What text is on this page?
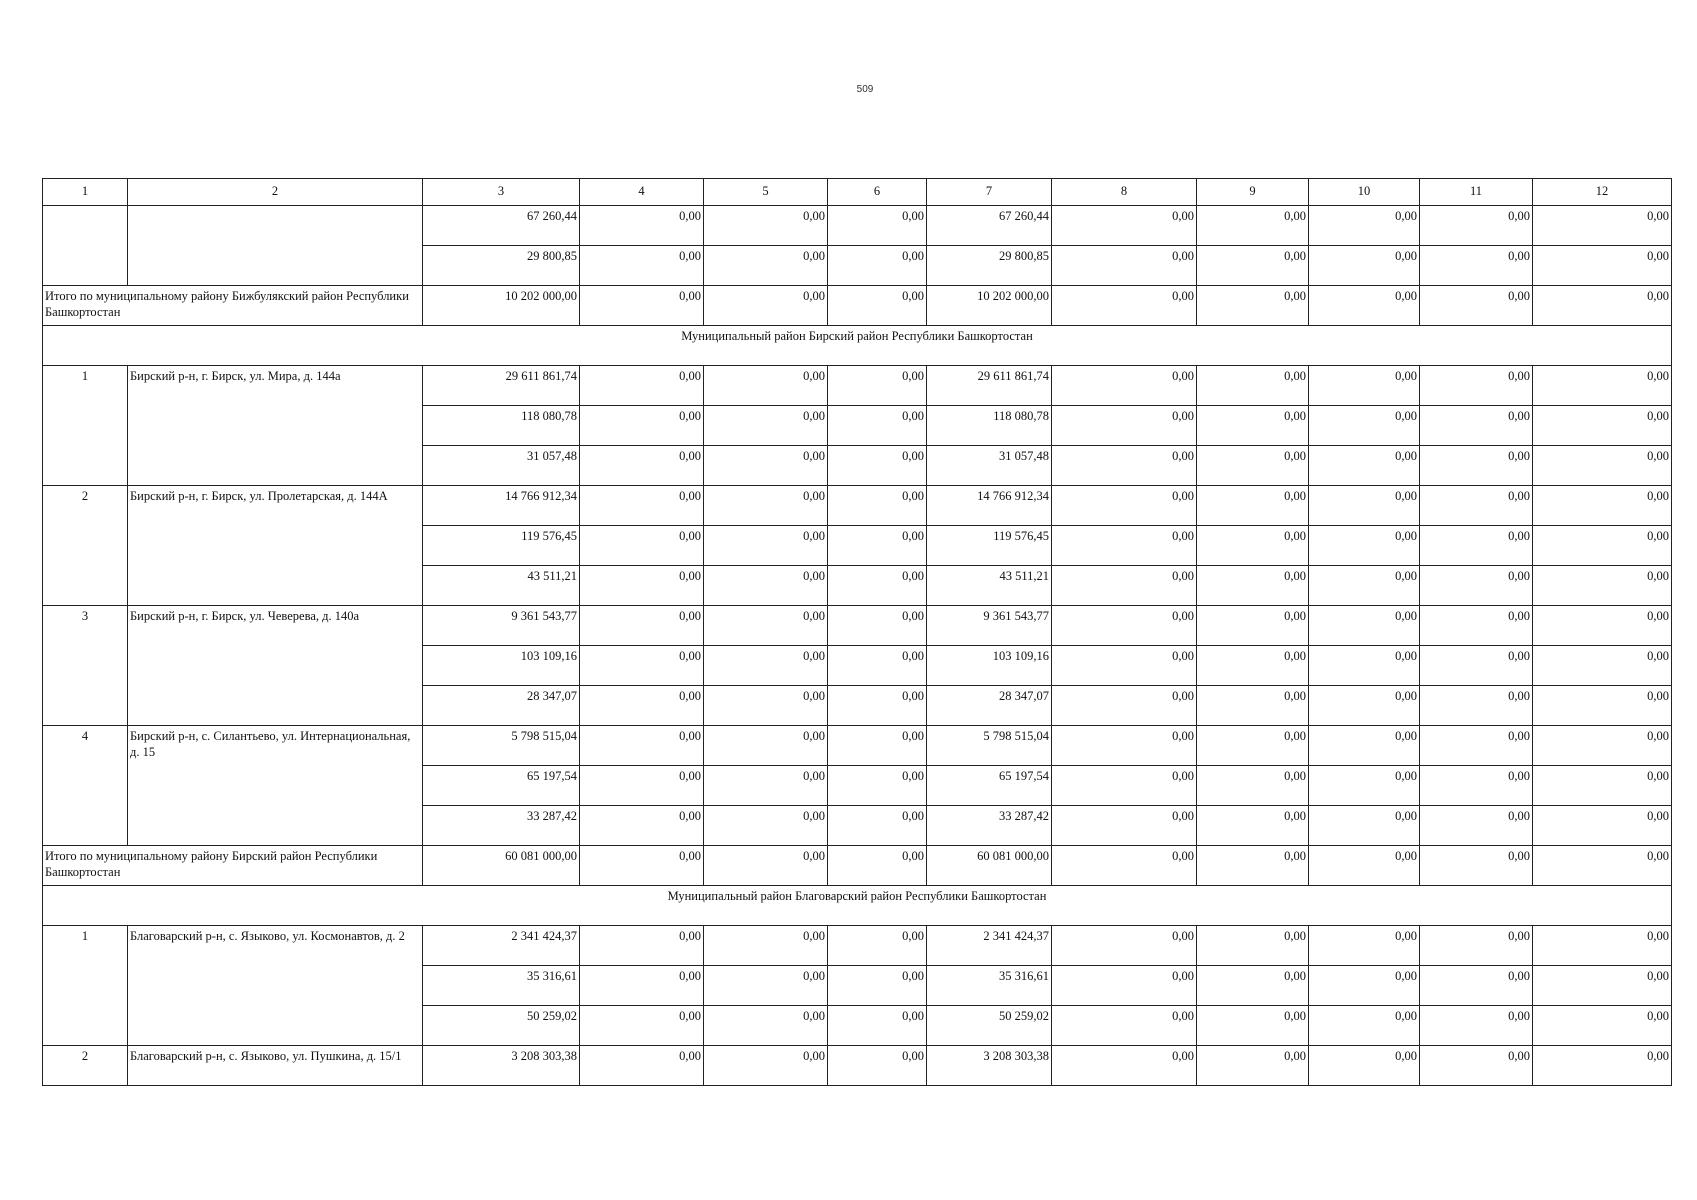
509
1	2	3	4	5	6	7	8	9	10	11	12
		67 260,44	0,00	0,00	0,00	67 260,44	0,00	0,00	0,00	0,00	0,00
		29 800,85	0,00	0,00	0,00	29 800,85	0,00	0,00	0,00	0,00	0,00
Итого по муниципальному району Бижбулякский район Республики Башкортостан		10 202 000,00	0,00	0,00	0,00	10 202 000,00	0,00	0,00	0,00	0,00	0,00
Муниципальный район Бирский район Республики Башкортостан											
1	Бирский р-н, г. Бирск, ул. Мира, д. 144а	29 611 861,74	0,00	0,00	0,00	29 611 861,74	0,00	0,00	0,00	0,00	0,00
		118 080,78	0,00	0,00	0,00	118 080,78	0,00	0,00	0,00	0,00	0,00
		31 057,48	0,00	0,00	0,00	31 057,48	0,00	0,00	0,00	0,00	0,00
2	Бирский р-н, г. Бирск, ул. Пролетарская, д. 144А	14 766 912,34	0,00	0,00	0,00	14 766 912,34	0,00	0,00	0,00	0,00	0,00
		119 576,45	0,00	0,00	0,00	119 576,45	0,00	0,00	0,00	0,00	0,00
		43 511,21	0,00	0,00	0,00	43 511,21	0,00	0,00	0,00	0,00	0,00
3	Бирский р-н, г. Бирск, ул. Чеверева, д. 140а	9 361 543,77	0,00	0,00	0,00	9 361 543,77	0,00	0,00	0,00	0,00	0,00
		103 109,16	0,00	0,00	0,00	103 109,16	0,00	0,00	0,00	0,00	0,00
		28 347,07	0,00	0,00	0,00	28 347,07	0,00	0,00	0,00	0,00	0,00
4	Бирский р-н, с. Силантьево, ул. Интернациональная, д. 15	5 798 515,04	0,00	0,00	0,00	5 798 515,04	0,00	0,00	0,00	0,00	0,00
		65 197,54	0,00	0,00	0,00	65 197,54	0,00	0,00	0,00	0,00	0,00
		33 287,42	0,00	0,00	0,00	33 287,42	0,00	0,00	0,00	0,00	0,00
Итого по муниципальному району Бирский район Республики Башкортостан		60 081 000,00	0,00	0,00	0,00	60 081 000,00	0,00	0,00	0,00	0,00	0,00
Муниципальный район Благоварский район Республики Башкортостан											
1	Благоварский р-н, с. Языково, ул. Космонавтов, д. 2	2 341 424,37	0,00	0,00	0,00	2 341 424,37	0,00	0,00	0,00	0,00	0,00
		35 316,61	0,00	0,00	0,00	35 316,61	0,00	0,00	0,00	0,00	0,00
		50 259,02	0,00	0,00	0,00	50 259,02	0,00	0,00	0,00	0,00	0,00
2	Благоварский р-н, с. Языково, ул. Пушкина, д. 15/1	3 208 303,38	0,00	0,00	0,00	3 208 303,38	0,00	0,00	0,00	0,00	0,00
